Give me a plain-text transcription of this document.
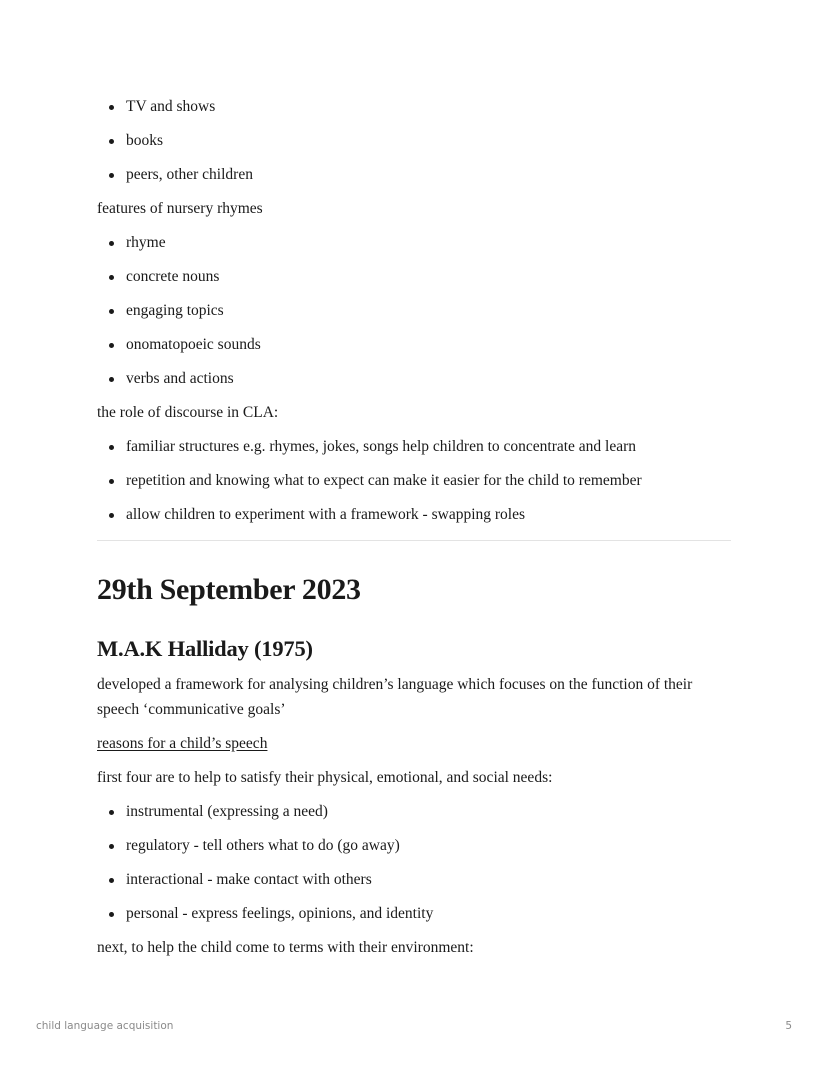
TV and shows
books
peers, other children

features of nursery rhymes

rhyme
concrete nouns
engaging topics
onomatopoeic sounds
verbs and actions

the role of discourse in CLA:

familiar structures e.g. rhymes, jokes, songs help children to concentrate and learn
repetition and knowing what to expect can make it easier for the child to remember
allow children to experiment with a framework - swapping roles
29th September 2023
M.A.K Halliday (1975)

developed a framework for analysing children’s language which focuses on the function of their speech ‘communicative goals’

reasons for a child’s speech

first four are to help to satisfy their physical, emotional, and social needs:

instrumental (expressing a need)
regulatory - tell others what to do (go away)
interactional - make contact with others
personal - express feelings, opinions, and identity

next, to help the child come to terms with their environment:

child language acquisition	5
